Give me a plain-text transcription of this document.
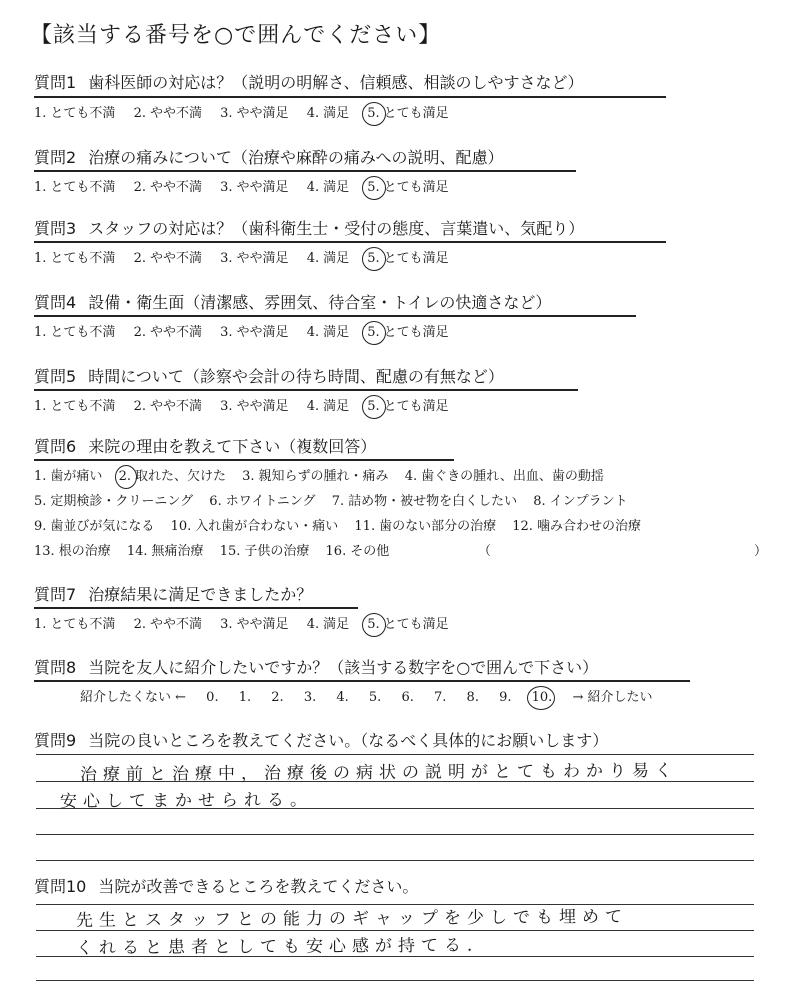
【該当する番号を○で囲んでください】
質問1 歯科医師の対応は？（説明の明解さ、信頼感、相談のしやすさなど）
1. とても不満 2. やや不満 3. やや満足 4. 満足 5. とても満足
質問2 治療の痛みについて（治療や麻酔の痛みへの説明、配慮）
1. とても不満 2. やや不満 3. やや満足 4. 満足 5. とても満足
質問3 スタッフの対応は？（歯科衛生士・受付の態度、言葉遣い、気配り）
1. とても不満 2. やや不満 3. やや満足 4. 満足 5. とても満足
質問4 設備・衛生面（清潔感、雰囲気、待合室・トイレの快適さなど）
1. とても不満 2. やや不満 3. やや満足 4. 満足 5. とても満足
質問5 時間について（診察や会計の待ち時間、配慮の有無など）
1. とても不満 2. やや不満 3. やや満足 4. 満足 5. とても満足
質問6 来院の理由を教えて下さい（複数回答）
1. 歯が痛い 2. 取れた、欠けた 3. 親知らずの腫れ・痛み 4. 歯ぐきの腫れ、出血、歯の動揺
5. 定期検診・クリーニング 6. ホワイトニング 7. 詰め物・被せ物を白くしたい 8. インプラント
9. 歯並びが気になる 10. 入れ歯が合わない・痛い 11. 歯のない部分の治療 12. 噛み合わせの治療
13. 根の治療 14. 無痛治療 15. 子供の治療 16. その他	（	）
質問7 治療結果に満足できましたか？
1. とても不満 2. やや不満 3. やや満足 4. 満足 5. とても満足
質問8 当院を友人に紹介したいですか？（該当する数字を○で囲んで下さい）
紹介したくない ← 0. 1. 2. 3. 4. 5. 6. 7. 8. 9. 10. → 紹介したい
質問9 当院の良いところを教えてください。（なるべく具体的にお願いします）
治療前と治療中，治療後の病状の説明がとてもわかり易く
安心してまかせられる。
質問10 当院が改善できるところを教えてください。
先生とスタッフとの能力のギャップを少しでも埋めて
くれると患者としても安心感が持てる．
